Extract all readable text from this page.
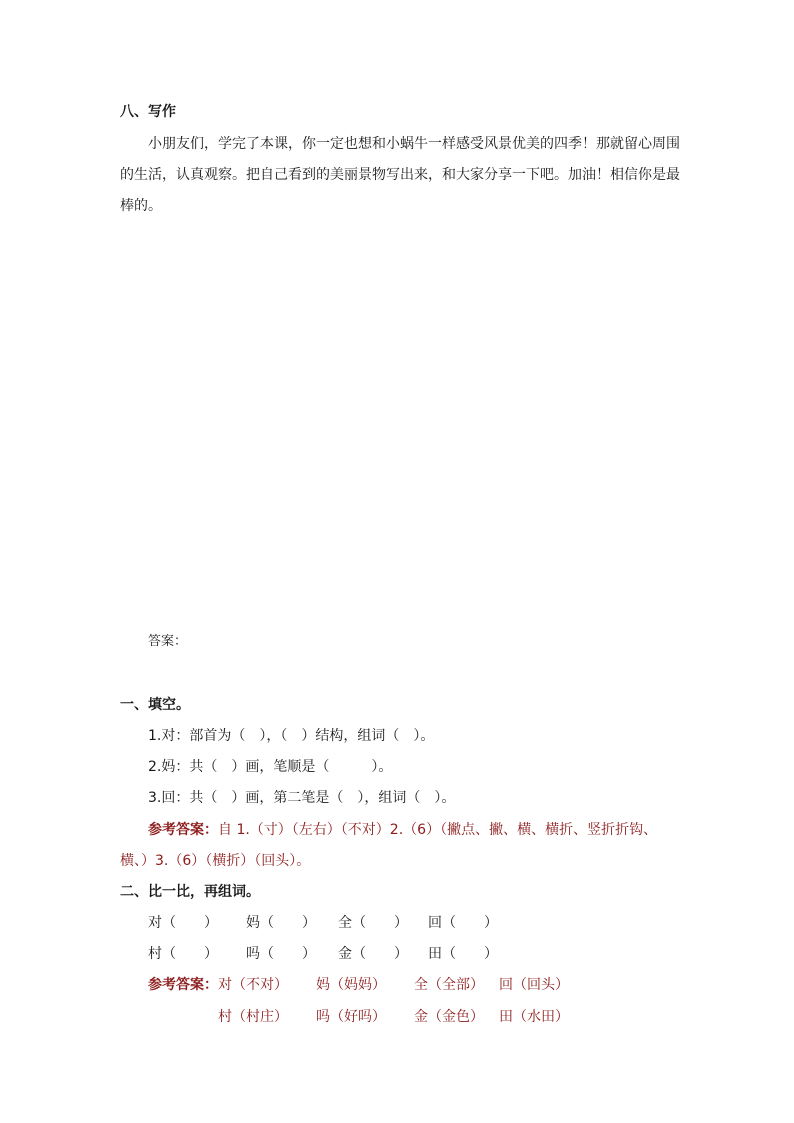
八、写作
小朋友们，学完了本课，你一定也想和小蜗牛一样感受风景优美的四季！那就留心周围
的生活，认真观察。把自己看到的美丽景物写出来，和大家分享一下吧。加油！相信你是最
棒的。
答案：
一、填空。
1.对：部首为（　），（　）结构，组词（　）。
2.妈：共（　）画，笔顺是（　　　）。
3.回：共（　）画，第二笔是（　），组词（　）。
参考答案：自 1.（寸）（左右）（不对）2.（6）（撇点、撇、横、横折、竖折折钩、
横、）3.（6）（横折）（回头）。
二、比一比，再组词。
对（　　） 妈（　　） 全（　　） 回（　　）
村（　　） 吗（　　） 金（　　） 田（　　）
参考答案：对（不对） 妈（妈妈） 全（全部） 回（回头）
村（村庄） 吗（好吗） 金（金色） 田（水田）
